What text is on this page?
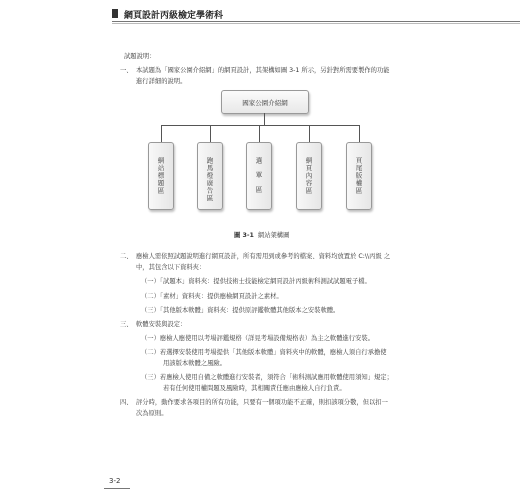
網頁設計丙級檢定學術科
試題說明：
一、 本試題為「國家公園介紹網」的網頁設計，其架構如圖 3-1 所示，另針對所需要製作的功能
進行詳細的說明。
國家公園介紹網
網站標題區	跑馬燈廣告區	選單區	網頁內容區	頁尾版權區
圖 3-1 網站架構圖
二、 應檢人需依照試題說明進行網頁設計，所有需用到或參考的檔案、資料均放置於 C:\\丙級 之
中，其包含以下資料夾：
（一）「試題本」資料夾：提供技術士技能檢定網頁設計丙級術科測試試題電子檔。
（二）「素材」資料夾：提供應檢網頁設計之素材。
（三）「其他版本軟體」資料夾：提供原評鑑軟體其他版本之安裝軟體。
三、 軟體安裝與設定：
（一）應檢人應使用以考場評鑑規格（詳見考場設備規格表）為主之軟體進行安裝。
（二）若選擇安裝使用考場提供「其他版本軟體」資料夾中的軟體，應檢人須自行承擔使
用該版本軟體之風險。
（三）若應檢人使用自備之軟體進行安裝者，須符合「術科測試應用軟體使用須知」規定；
若有任何使用權問題及風險時，其相關責任應由應檢人自行負責。
四、 評分時，動作要求各項目的所有功能，只要有一個項功能不正確，則扣該項分數，但以扣一
次為原則。
3-2
